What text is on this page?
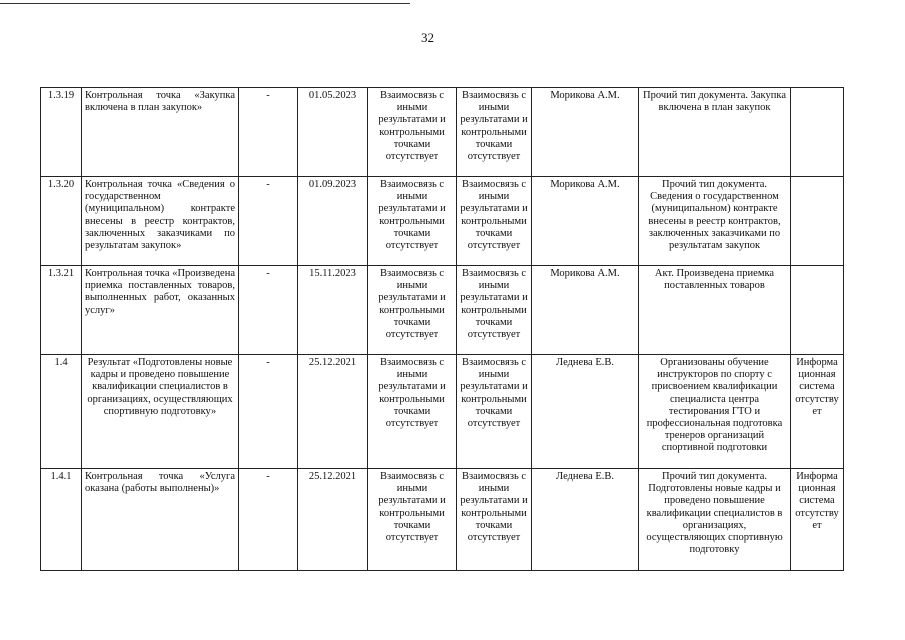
32
1.3.19	Контрольная точка «Закупка включена в план закупок»	-	01.05.2023	Взаимосвязь с иными результатами и контрольными точками отсутствует	Взаимосвязь с иными результатами и контрольными точками отсутствует	Морикова А.М.	Прочий тип документа. Закупка включена в план закупок	
1.3.20	Контрольная точка «Сведения о государственном (муниципальном) контракте внесены в реестр контрактов, заключенных заказчиками по результатам закупок»	-	01.09.2023	Взаимосвязь с иными результатами и контрольными точками отсутствует	Взаимосвязь с иными результатами и контрольными точками отсутствует	Морикова А.М.	Прочий тип документа. Сведения о государственном (муниципальном) контракте внесены в реестр контрактов, заключенных заказчиками по результатам закупок	
1.3.21	Контрольная точка «Произведена приемка поставленных товаров, выполненных работ, оказанных услуг»	-	15.11.2023	Взаимосвязь с иными результатами и контрольными точками отсутствует	Взаимосвязь с иными результатами и контрольными точками отсутствует	Морикова А.М.	Акт. Произведена приемка поставленных товаров	
1.4	Результат «Подготовлены новые кадры и проведено повышение квалификации специалистов в организациях, осуществляющих спортивную подготовку»	-	25.12.2021	Взаимосвязь с иными результатами и контрольными точками отсутствует	Взаимосвязь с иными результатами и контрольными точками отсутствует	Леднева Е.В.	Организованы обучение инструкторов по спорту с присвоением квалификации специалиста центра тестирования ГТО и профессиональная подготовка тренеров организаций спортивной подготовки	Информационная система отсутствует
1.4.1	Контрольная точка «Услуга оказана (работы выполнены)»	-	25.12.2021	Взаимосвязь с иными результатами и контрольными точками отсутствует	Взаимосвязь с иными результатами и контрольными точками отсутствует	Леднева Е.В.	Прочий тип документа. Подготовлены новые кадры и проведено повышение квалификации специалистов в организациях, осуществляющих спортивную подготовку	Информационная система отсутствует
